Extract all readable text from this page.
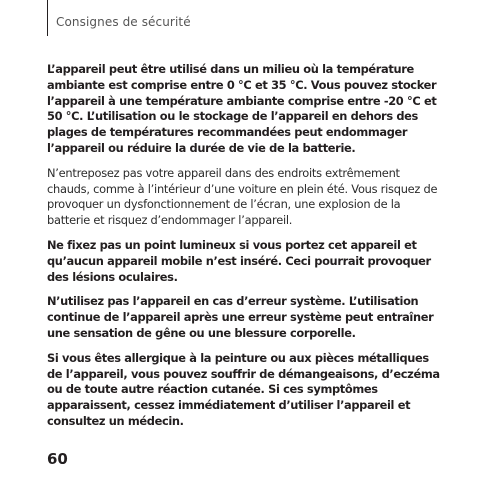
Consignes de sécurité

L’appareil peut être utilisé dans un milieu où la température ambiante est comprise entre 0 °C et 35 °C. Vous pouvez stocker l’appareil à une température ambiante comprise entre -20 °C et 50 °C. L’utilisation ou le stockage de l’appareil en dehors des plages de températures recommandées peut endommager l’appareil ou réduire la durée de vie de la batterie.

N’entreposez pas votre appareil dans des endroits extrêmement chauds, comme à l’intérieur d’une voiture en plein été. Vous risquez de provoquer un dysfonctionnement de l’écran, une explosion de la batterie et risquez d’endommager l’appareil.

Ne fixez pas un point lumineux si vous portez cet appareil et qu’aucun appareil mobile n’est inséré. Ceci pourrait provoquer des lésions oculaires.

N’utilisez pas l’appareil en cas d’erreur système. L’utilisation continue de l’appareil après une erreur système peut entraîner une sensation de gêne ou une blessure corporelle.

Si vous êtes allergique à la peinture ou aux pièces métalliques de l’appareil, vous pouvez souffrir de démangeaisons, d’eczéma ou de toute autre réaction cutanée. Si ces symptômes apparaissent, cessez immédiatement d’utiliser l’appareil et consultez un médecin.

60
